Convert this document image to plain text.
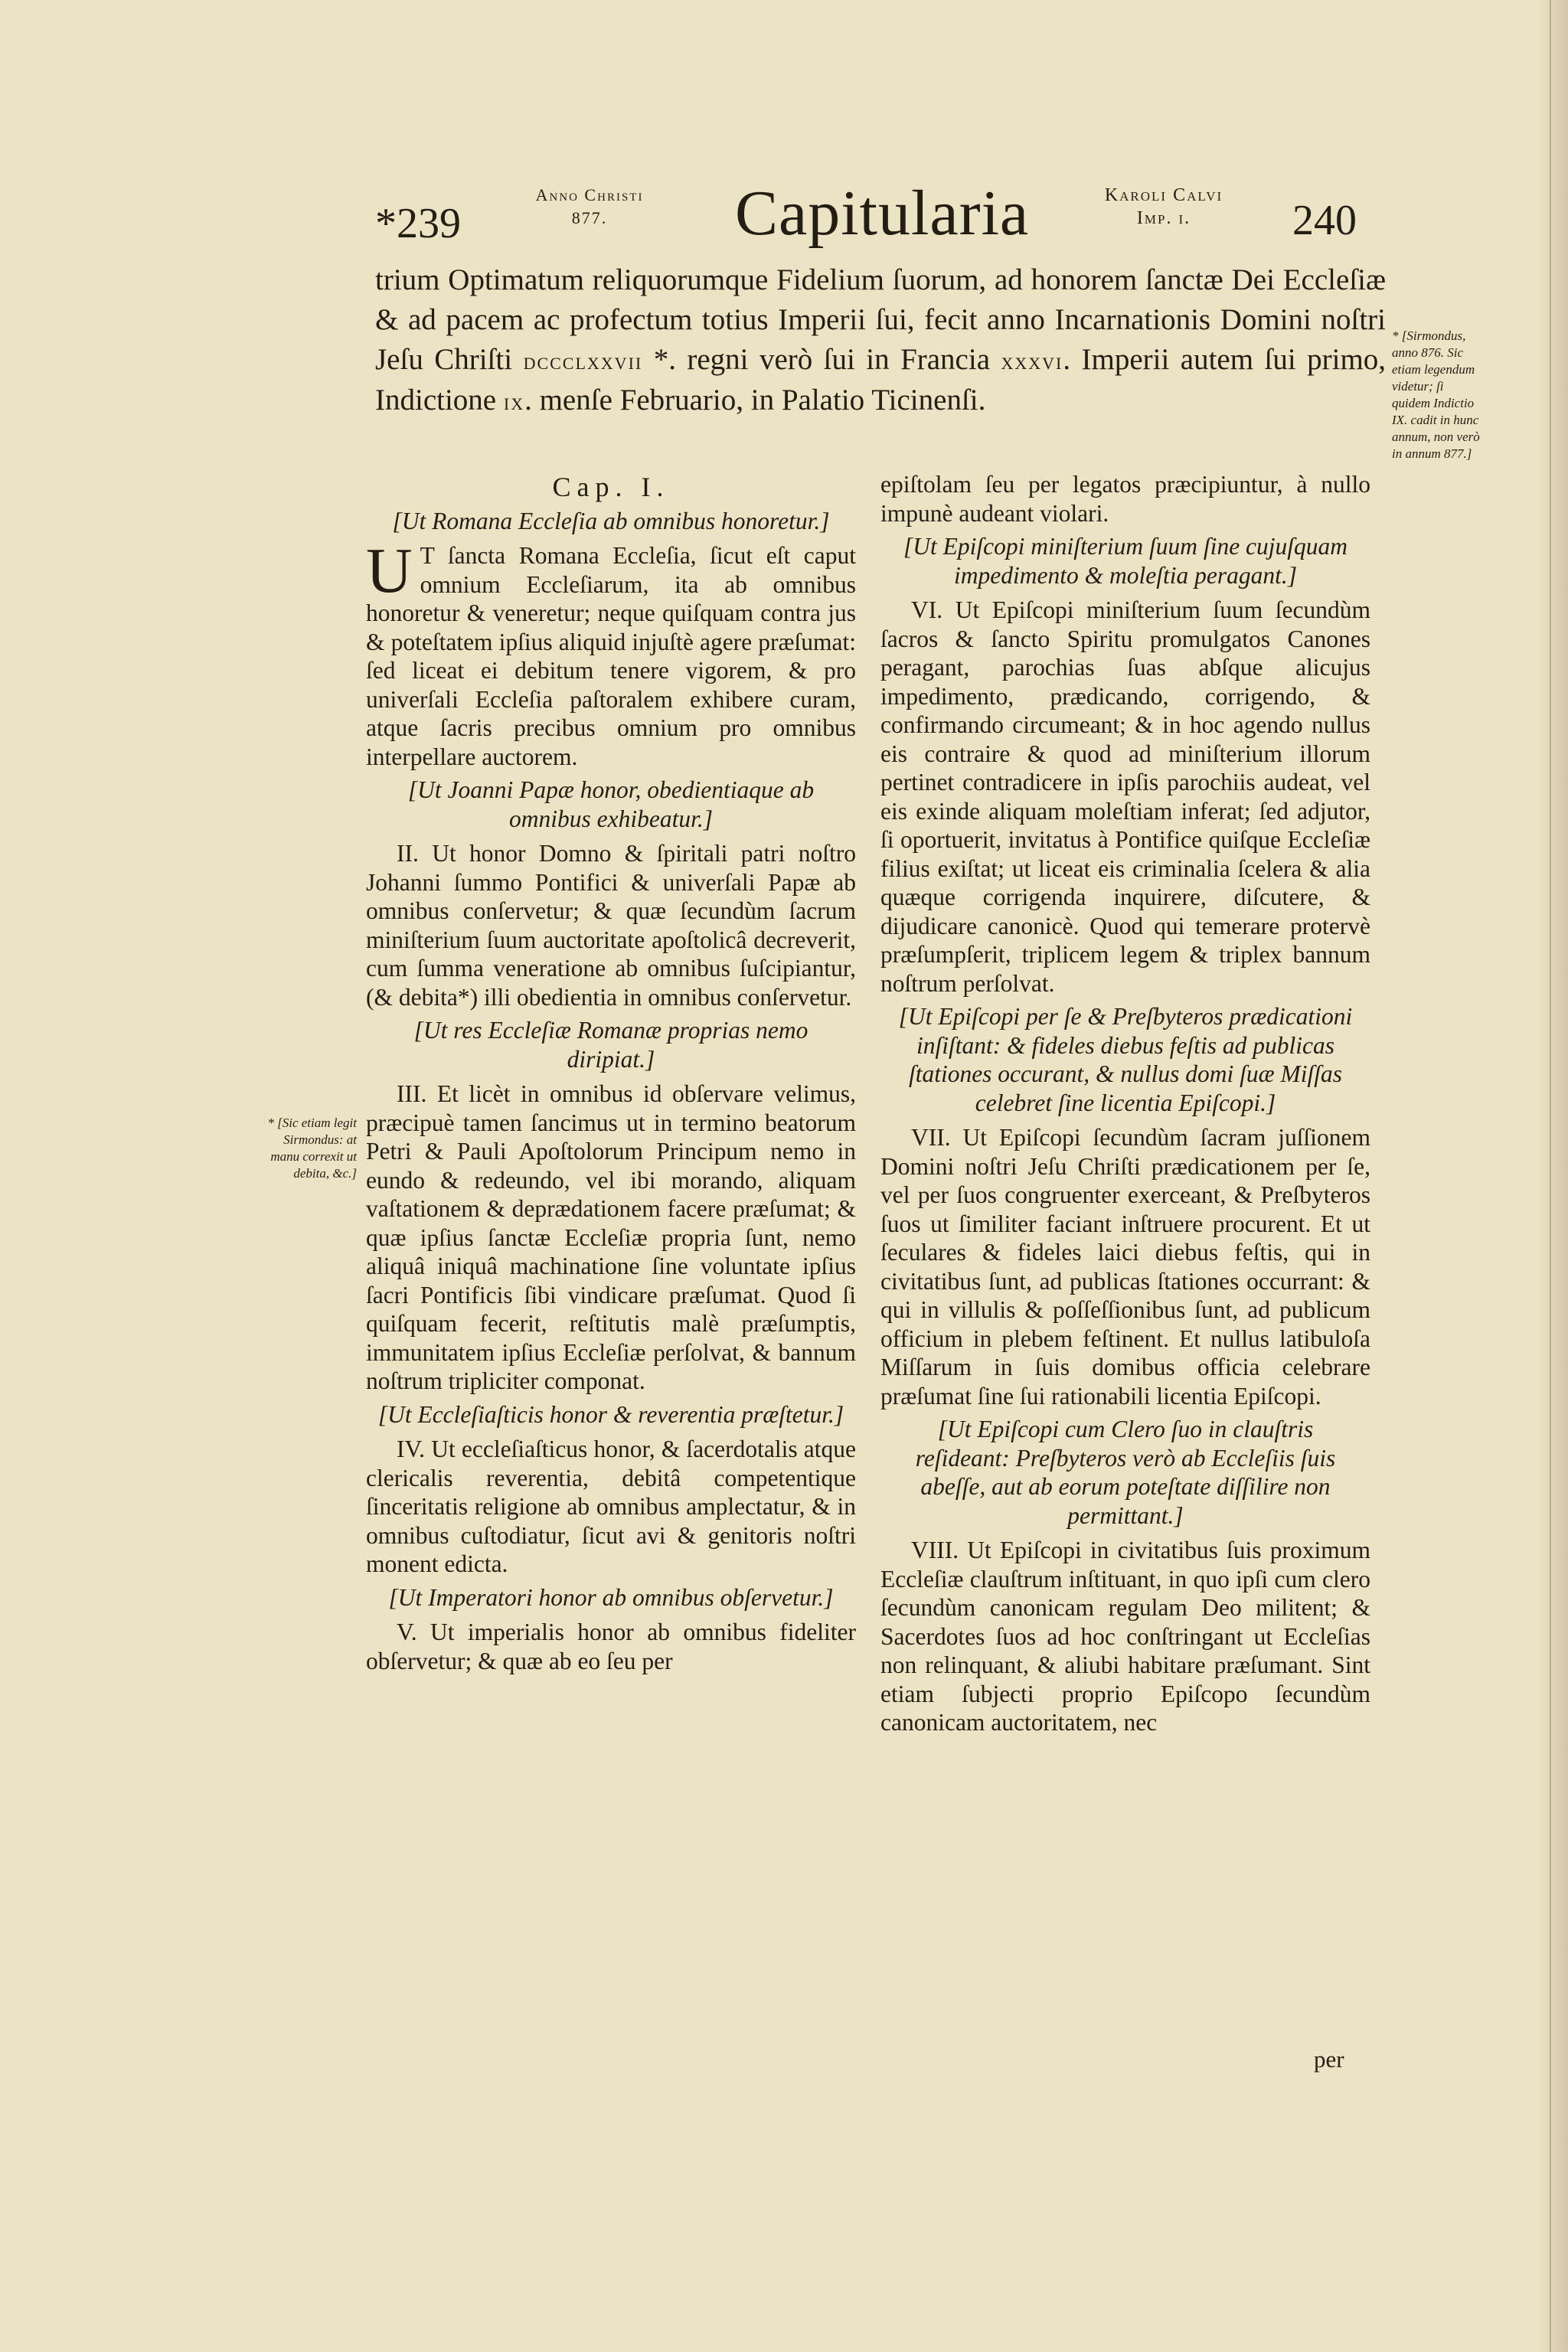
*239
Anno Christi
877.	Capitularia	Karoli Calvi
Imp. i.	240
trium Optimatum reliquorumque Fidelium ſuorum, ad honorem ſanctæ Dei Eccleſiæ & ad pacem ac profectum totius Imperii ſui, fecit anno Incarnationis Domini noſtri Jeſu Chriſti dccclxxvii *. regni verò ſui in Francia xxxvi. Imperii autem ſui primo, Indictione ix. menſe Februario, in Palatio Ticinenſi.
* [Sirmondus, anno 876. Sic etiam legendum videtur; ſi quidem Indictio IX. cadit in hunc annum, non verò in annum 877.]
* [Sic etiam legit Sirmondus: at manu correxit ut debita, &c.]
Cap. I.

[Ut Romana Eccleſia ab omnibus honoretur.]

U T ſancta Romana Eccleſia, ſicut eſt caput omnium Eccleſiarum, ita ab omnibus honoretur & veneretur; neque quiſquam contra jus & poteſtatem ipſius aliquid injuſtè agere præſumat: ſed liceat ei debitum tenere vigorem, & pro univerſali Eccleſia paſtoralem exhibere curam, atque ſacris precibus omnium pro omnibus interpellare auctorem.

[Ut Joanni Papæ honor, obedientiaque ab omnibus exhibeatur.]

II. Ut honor Domno & ſpiritali patri noſtro Johanni ſummo Pontifici & univerſali Papæ ab omnibus conſervetur; & quæ ſecundùm ſacrum miniſterium ſuum auctoritate apoſtolicâ decreverit, cum ſumma veneratione ab omnibus ſuſcipiantur, (& debita*) illi obedientia in omnibus conſervetur.

[Ut res Eccleſiæ Romanæ proprias nemo diripiat.]

III. Et licèt in omnibus id obſervare velimus, præcipuè tamen ſancimus ut in termino beatorum Petri & Pauli Apoſtolorum Principum nemo in eundo & redeundo, vel ibi morando, aliquam vaſtationem & deprædationem facere præſumat; & quæ ipſius ſanctæ Eccleſiæ propria ſunt, nemo aliquâ iniquâ machinatione ſine voluntate ipſius ſacri Pontificis ſibi vindicare præſumat. Quod ſi quiſquam fecerit, reſtitutis malè præſumptis, immunitatem ipſius Eccleſiæ perſolvat, & bannum noſtrum tripliciter componat.

[Ut Eccleſiaſticis honor & reverentia præſtetur.]

IV. Ut eccleſiaſticus honor, & ſacerdotalis atque clericalis reverentia, debitâ competentique ſinceritatis religione ab omnibus amplectatur, & in omnibus cuſtodiatur, ſicut avi & genitoris noſtri monent edicta.

[Ut Imperatori honor ab omnibus obſervetur.]

V. Ut imperialis honor ab omnibus fideliter obſervetur; & quæ ab eo ſeu per

epiſtolam ſeu per legatos præcipiuntur, à nullo impunè audeant violari.

[Ut Epiſcopi miniſterium ſuum ſine cujuſquam impedimento & moleſtia peragant.]

VI. Ut Epiſcopi miniſterium ſuum ſecundùm ſacros & ſancto Spiritu promulgatos Canones peragant, parochias ſuas abſque alicujus impedimento, prædicando, corrigendo, & confirmando circumeant; & in hoc agendo nullus eis contraire & quod ad miniſterium illorum pertinet contradicere in ipſis parochiis audeat, vel eis exinde aliquam moleſtiam inferat; ſed adjutor, ſi oportuerit, invitatus à Pontifice quiſque Eccleſiæ filius exiſtat; ut liceat eis criminalia ſcelera & alia quæque corrigenda inquirere, diſcutere, & dijudicare canonicè. Quod qui temerare protervè præſumpſerit, triplicem legem & triplex bannum noſtrum perſolvat.

[Ut Epiſcopi per ſe & Preſbyteros prædicationi inſiſtant: & fideles diebus feſtis ad publicas ſtationes occurant, & nullus domi ſuæ Miſſas celebret ſine licentia Epiſcopi.]

VII. Ut Epiſcopi ſecundùm ſacram juſſionem Domini noſtri Jeſu Chriſti prædicationem per ſe, vel per ſuos congruenter exerceant, & Preſbyteros ſuos ut ſimiliter faciant inſtruere procurent. Et ut ſeculares & fideles laici diebus feſtis, qui in civitatibus ſunt, ad publicas ſtationes occurrant: & qui in villulis & poſſeſſionibus ſunt, ad publicum officium in plebem feſtinent. Et nullus latibuloſa Miſſarum in ſuis domibus officia celebrare præſumat ſine ſui rationabili licentia Epiſcopi.

[Ut Epiſcopi cum Clero ſuo in clauſtris reſideant: Preſbyteros verò ab Eccleſiis ſuis abeſſe, aut ab eorum poteſtate diſſilire non permittant.]

VIII. Ut Epiſcopi in civitatibus ſuis proximum Eccleſiæ clauſtrum inſtituant, in quo ipſi cum clero ſecundùm canonicam regulam Deo militent; & Sacerdotes ſuos ad hoc conſtringant ut Eccleſias non relinquant, & aliubi habitare præſumant. Sint etiam ſubjecti proprio Epiſcopo ſecundùm canonicam auctoritatem, nec

per
